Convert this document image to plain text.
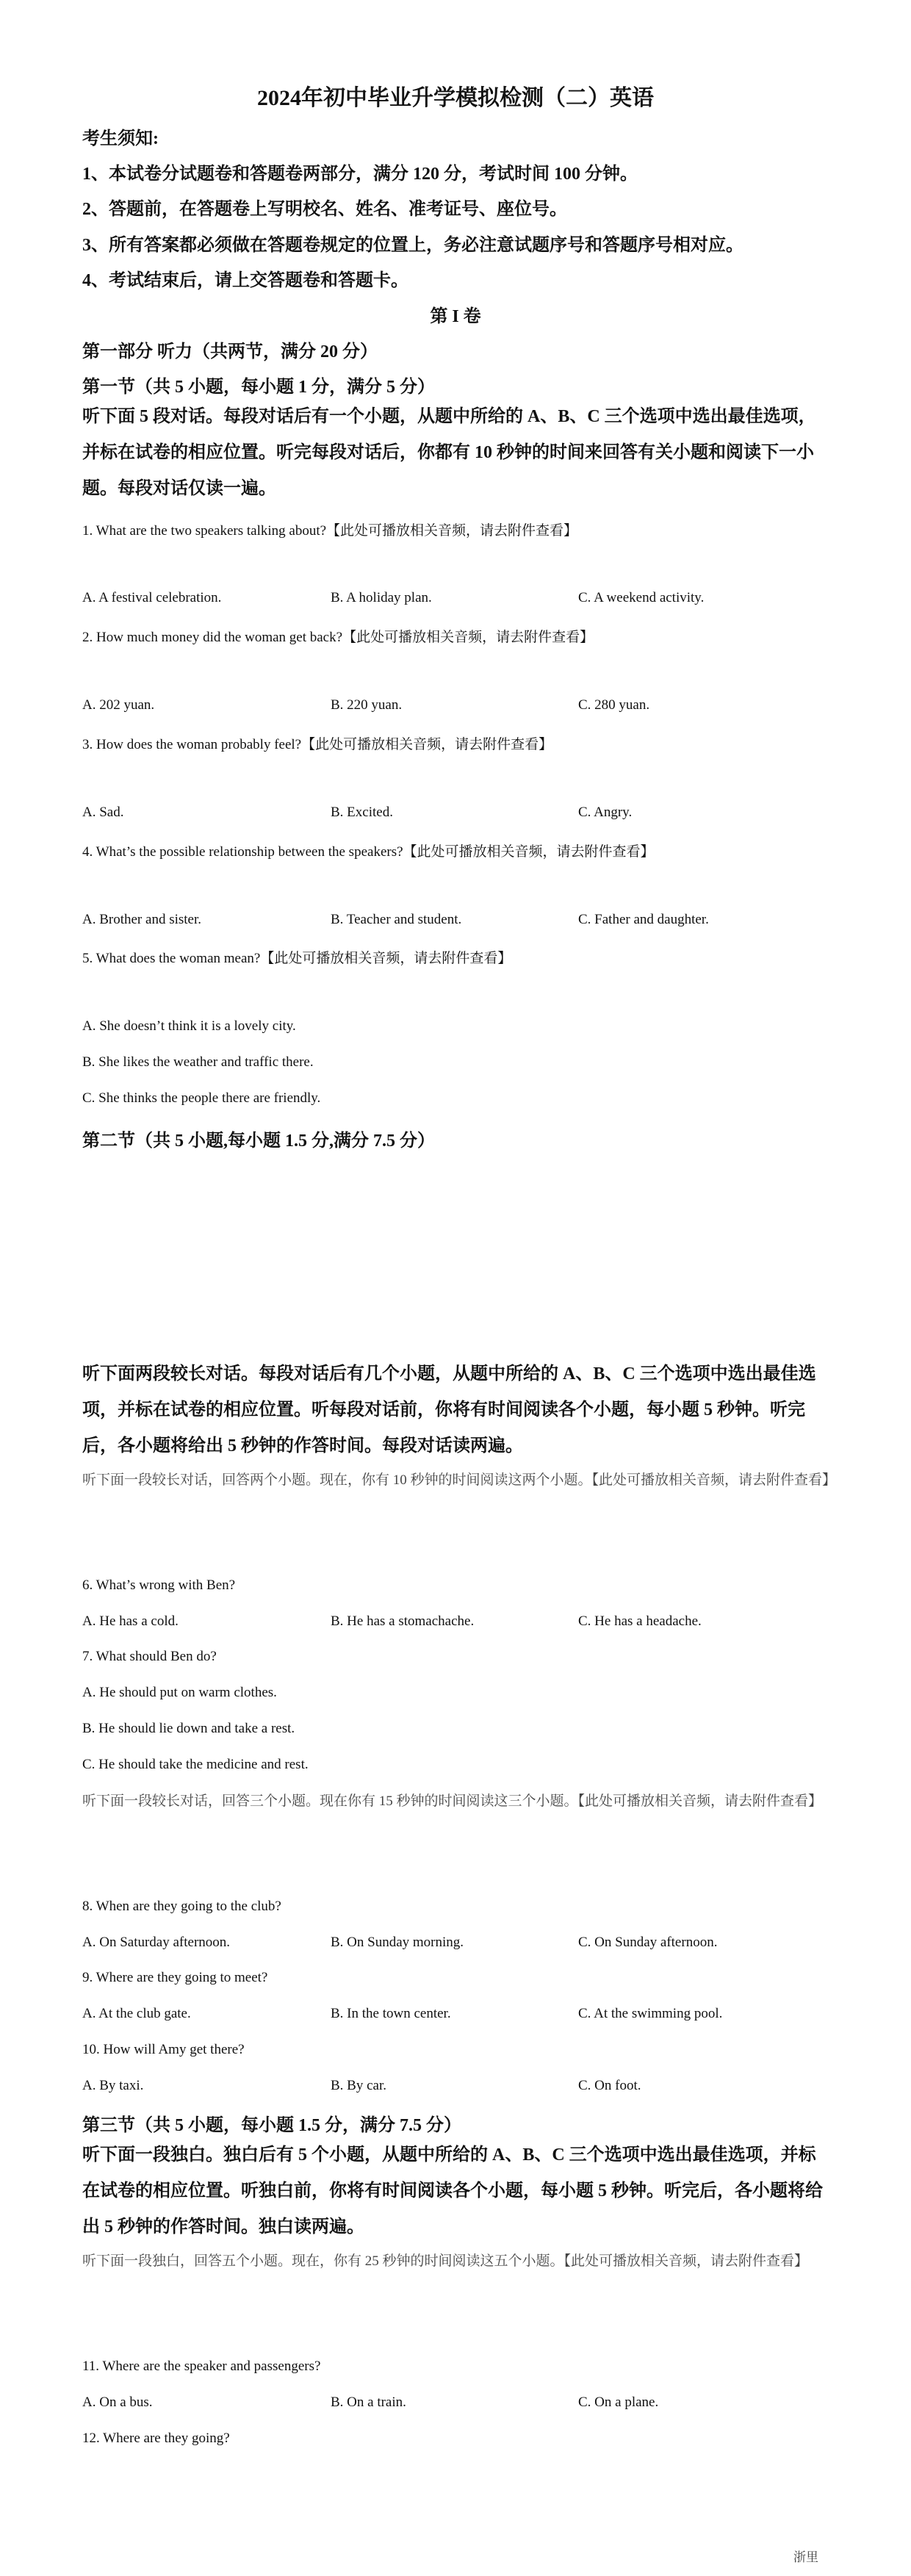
2024年初中毕业升学模拟检测（二）英语
考生须知:
1、本试卷分试题卷和答题卷两部分，满分 120 分，考试时间 100 分钟。
2、答题前，在答题卷上写明校名、姓名、准考证号、座位号。
3、所有答案都必须做在答题卷规定的位置上，务必注意试题序号和答题序号相对应。
4、考试结束后，请上交答题卷和答题卡。
第 I 卷
第一部分 听力（共两节，满分 20 分）
第一节（共 5 小题，每小题 1 分，满分 5 分）
听下面 5 段对话。每段对话后有一个小题，从题中所给的 A、B、C 三个选项中选出最佳选项，并标在试卷的相应位置。听完每段对话后，你都有 10 秒钟的时间来回答有关小题和阅读下一小题。每段对话仅读一遍。
1. What are the two speakers talking about?【此处可播放相关音频，请去附件查看】
A. A festival celebration.	B. A holiday plan.	C. A weekend activity.
2. How much money did the woman get back?【此处可播放相关音频，请去附件查看】
A. 202 yuan.	B. 220 yuan.	C. 280 yuan.
3. How does the woman probably feel?【此处可播放相关音频，请去附件查看】
A. Sad.	B. Excited.	C. Angry.
4. What’s the possible relationship between the speakers?【此处可播放相关音频，请去附件查看】
A. Brother and sister.	B. Teacher and student.	C. Father and daughter.
5. What does the woman mean?【此处可播放相关音频，请去附件查看】
A. She doesn’t think it is a lovely city.
B. She likes the weather and traffic there.
C. She thinks the people there are friendly.
第二节（共 5 小题,每小题 1.5 分,满分 7.5 分）
听下面两段较长对话。每段对话后有几个小题，从题中所给的 A、B、C 三个选项中选出最佳选项，并标在试卷的相应位置。听每段对话前，你将有时间阅读各个小题，每小题 5 秒钟。听完后，各小题将给出 5 秒钟的作答时间。每段对话读两遍。
听下面一段较长对话，回答两个小题。现在，你有 10 秒钟的时间阅读这两个小题。【此处可播放相关音频，请去附件查看】
6. What’s wrong with Ben?
A. He has a cold.	B. He has a stomachache.	C. He has a headache.
7. What should Ben do?
A. He should put on warm clothes.
B. He should lie down and take a rest.
C. He should take the medicine and rest.
听下面一段较长对话，回答三个小题。现在你有 15 秒钟的时间阅读这三个小题。【此处可播放相关音频，请去附件查看】
8. When are they going to the club?
A. On Saturday afternoon.	B. On Sunday morning.	C. On Sunday afternoon.
9. Where are they going to meet?
A. At the club gate.	B. In the town center.	C. At the swimming pool.
10. How will Amy get there?
A. By taxi.	B. By car.	C. On foot.
第三节（共 5 小题，每小题 1.5 分，满分 7.5 分）
听下面一段独白。独白后有 5 个小题，从题中所给的 A、B、C 三个选项中选出最佳选项，并标在试卷的相应位置。听独白前，你将有时间阅读各个小题，每小题 5 秒钟。听完后，各小题将给出 5 秒钟的作答时间。独白读两遍。
听下面一段独白，回答五个小题。现在，你有 25 秒钟的时间阅读这五个小题。【此处可播放相关音频，请去附件查看】
11. Where are the speaker and passengers?
A. On a bus.	B. On a train.	C. On a plane.
12. Where are they going?
浙里
